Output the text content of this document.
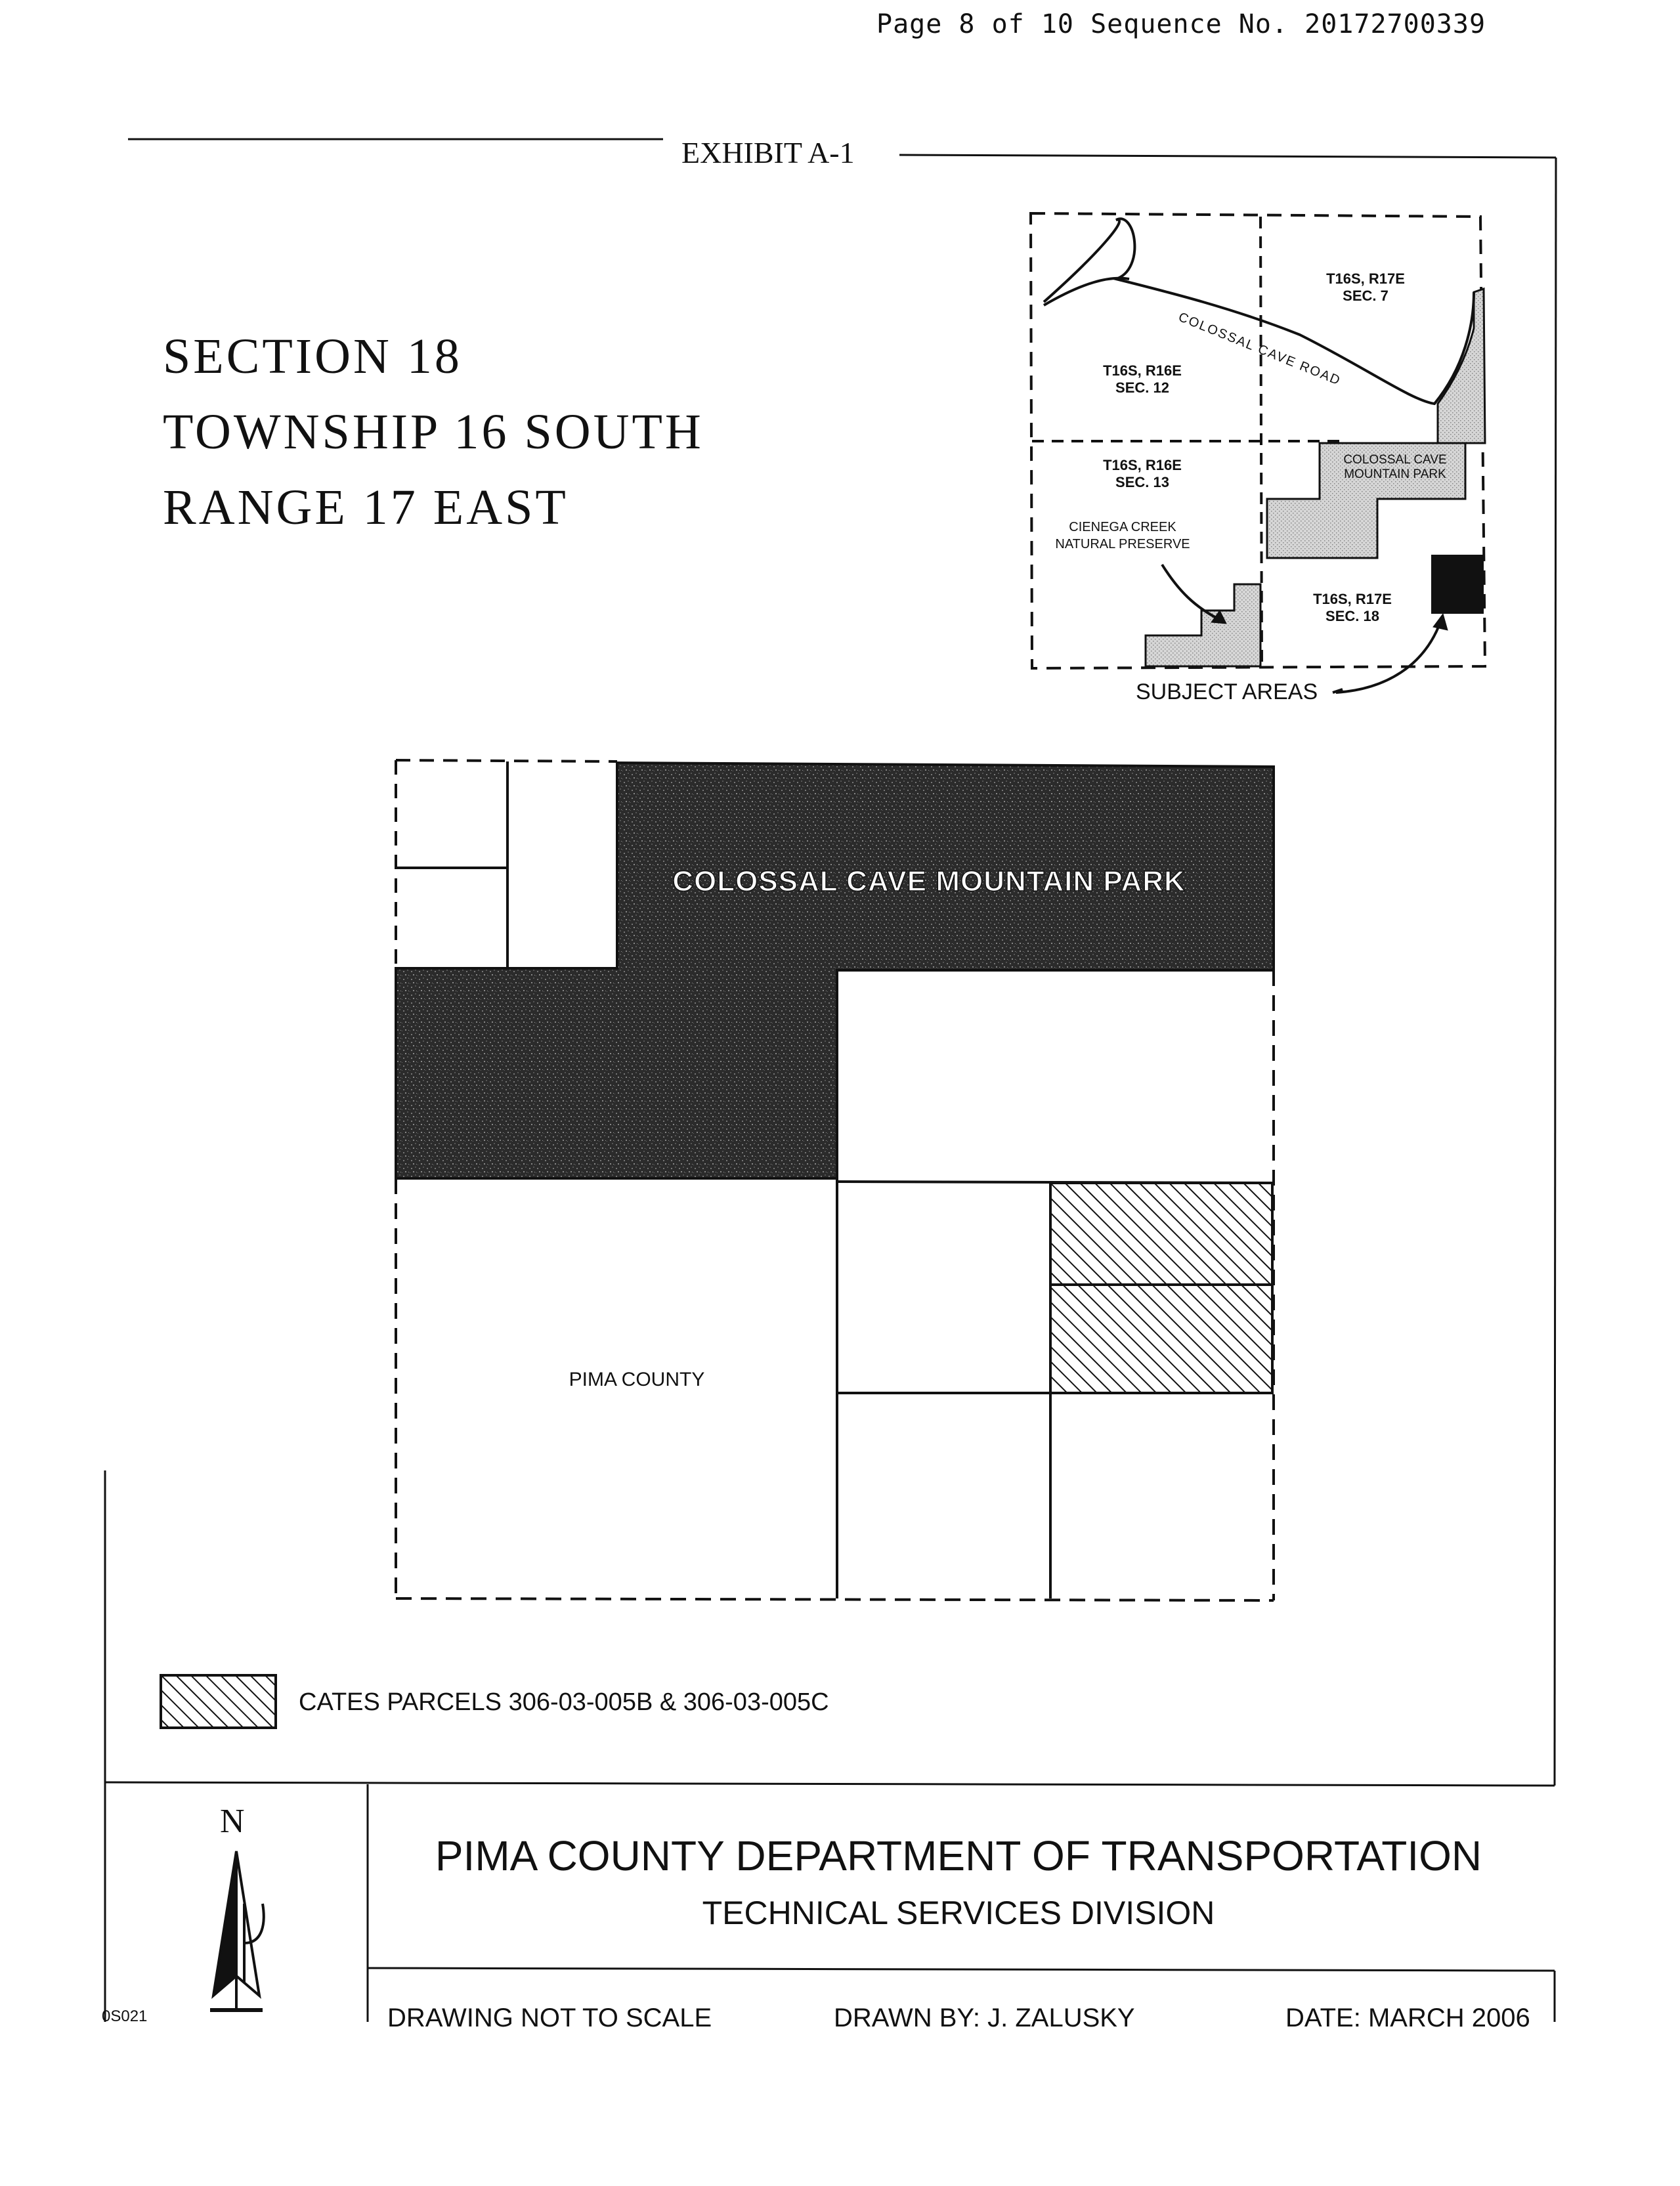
Page 8 of 10 Sequence No. 20172700339
EXHIBIT A-1
SECTION 18
TOWNSHIP 16 SOUTH
RANGE 17 EAST
T16S, R17E
SEC. 7
T16S, R16E
SEC. 12
T16S, R16E
SEC. 13
T16S, R17E
SEC. 18
COLOSSAL CAVE
MOUNTAIN PARK
CIENEGA CREEK
NATURAL PRESERVE
COLOSSAL CAVE ROAD
SUBJECT AREAS
COLOSSAL CAVE MOUNTAIN PARK
PIMA COUNTY
CATES PARCELS 306-03-005B & 306-03-005C
N
0S021
PIMA COUNTY DEPARTMENT OF TRANSPORTATION
TECHNICAL SERVICES DIVISION
DRAWING NOT TO SCALE	DRAWN BY: J. ZALUSKY	DATE: MARCH 2006
